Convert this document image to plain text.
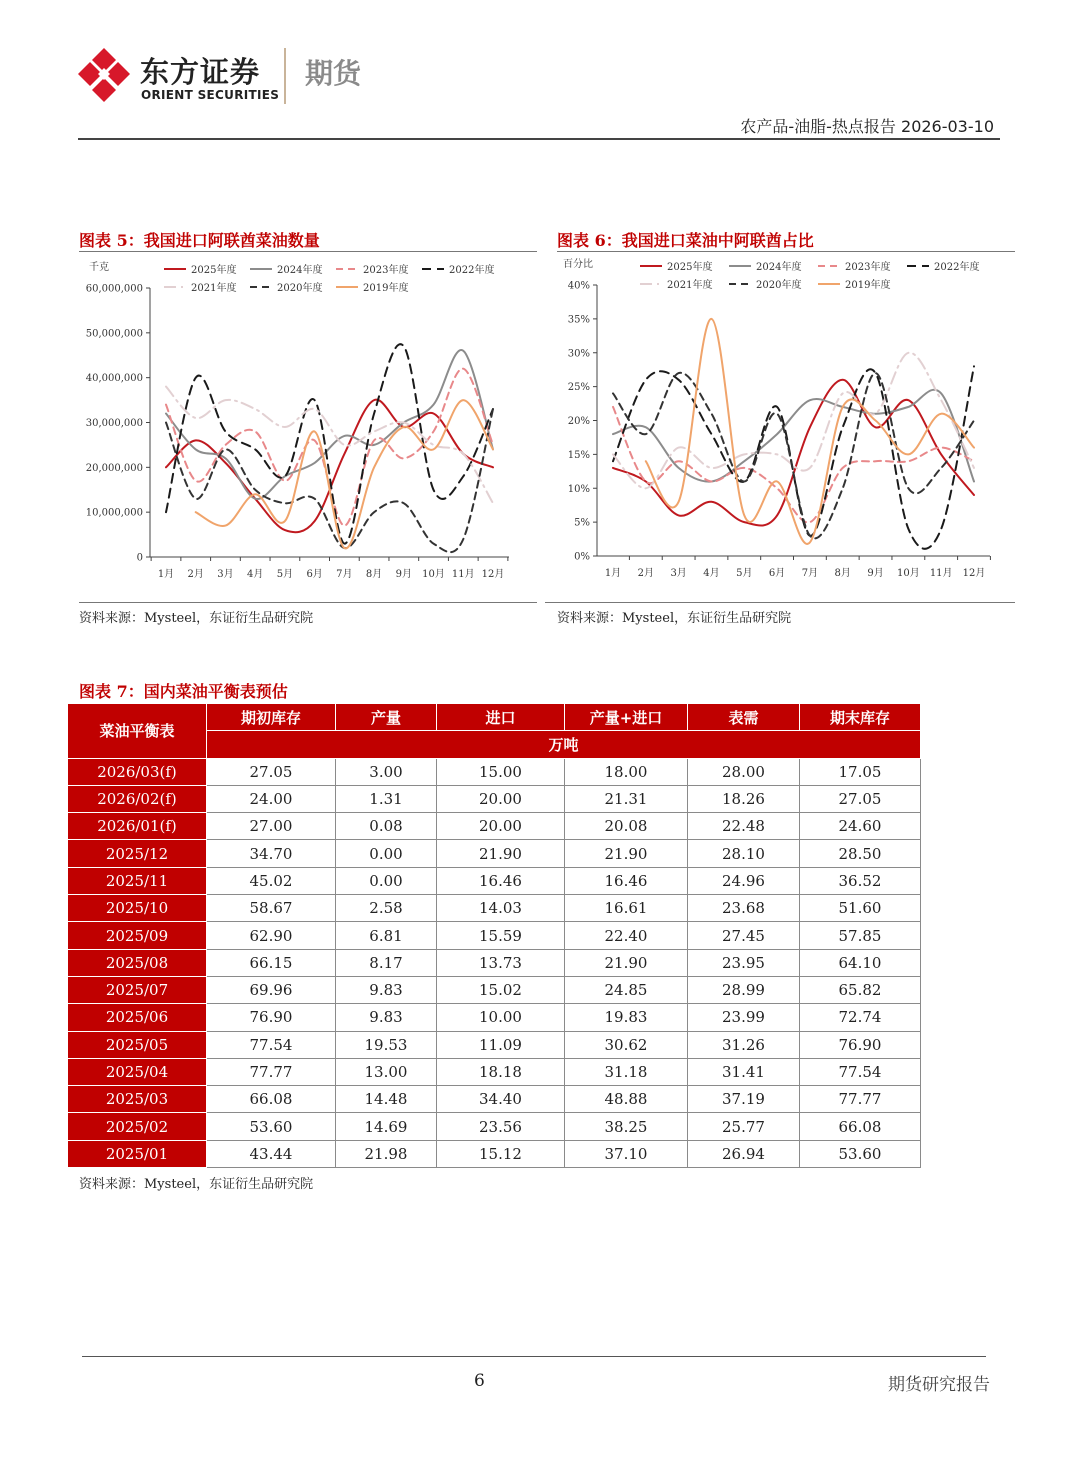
东方证券
ORIENT SECURITIES
期货
农产品-油脂-热点报告 2026-03-10
图表 5：我国进口阿联酋菜油数量
千克	2025年度	2024年度	2023年度	2022年度
2021年度	2020年度	2019年度
0
10,000,000
20,000,000
30,000,000
40,000,000
50,000,000
60,000,000
1月 2月 3月 4月 5月 6月 7月 8月 9月 10月 11月 12月
资料来源：Mysteel，东证衍生品研究院
图表 6：我国进口菜油中阿联酋占比
百分比	2025年度	2024年度	2023年度	2022年度
2021年度	2020年度	2019年度
0%
5%
10%
15%
20%
25%
30%
35%
40%
1月 2月 3月 4月 5月 6月 7月 8月 9月 10月 11月 12月
资料来源：Mysteel，东证衍生品研究院
图表 7：国内菜油平衡表预估
菜油平衡表	期初库存	产量	进口	产量+进口	表需	期末库存
	万吨					
2026/03(f)	27.05	3.00	15.00	18.00	28.00	17.05
2026/02(f)	24.00	1.31	20.00	21.31	18.26	27.05
2026/01(f)	27.00	0.08	20.00	20.08	22.48	24.60
2025/12	34.70	0.00	21.90	21.90	28.10	28.50
2025/11	45.02	0.00	16.46	16.46	24.96	36.52
2025/10	58.67	2.58	14.03	16.61	23.68	51.60
2025/09	62.90	6.81	15.59	22.40	27.45	57.85
2025/08	66.15	8.17	13.73	21.90	23.95	64.10
2025/07	69.96	9.83	15.02	24.85	28.99	65.82
2025/06	76.90	9.83	10.00	19.83	23.99	72.74
2025/05	77.54	19.53	11.09	30.62	31.26	76.90
2025/04	77.77	13.00	18.18	31.18	31.41	77.54
2025/03	66.08	14.48	34.40	48.88	37.19	77.77
2025/02	53.60	14.69	23.56	38.25	25.77	66.08
2025/01	43.44	21.98	15.12	37.10	26.94	53.60
资料来源：Mysteel，东证衍生品研究院
6	期货研究报告
